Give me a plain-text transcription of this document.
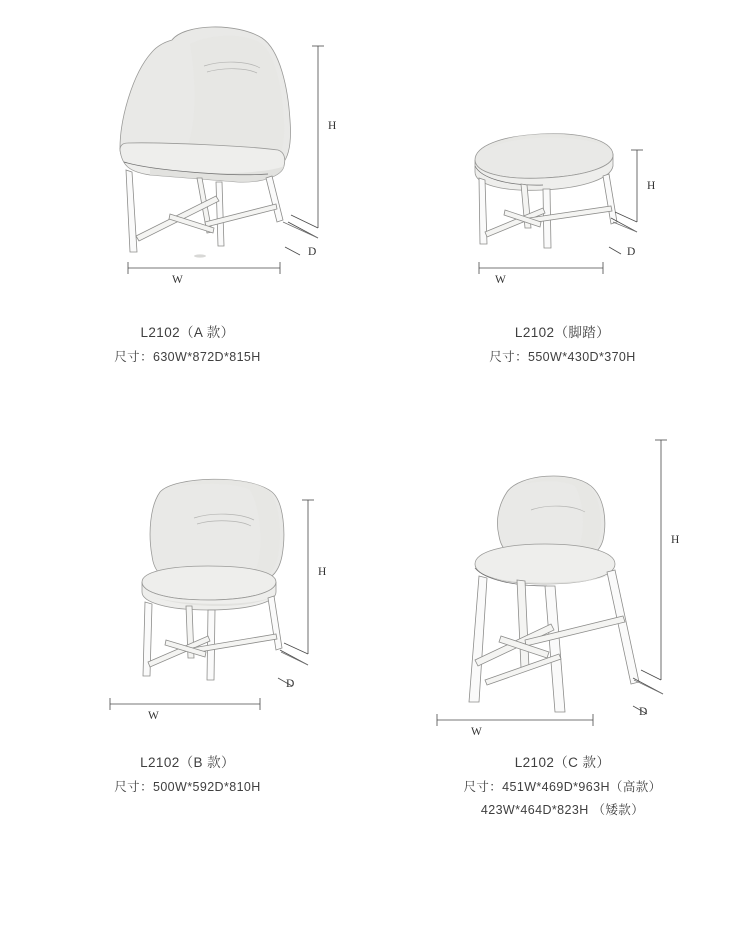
H
D
W
L2102（A 款）
尺寸：630W*872D*815H
H
D
W
L2102（脚踏）
尺寸：550W*430D*370H
H
D
W
L2102（B 款）
尺寸：500W*592D*810H
H
D
W
L2102（C 款）
尺寸：451W*469D*963H（高款）
423W*464D*823H （矮款）
